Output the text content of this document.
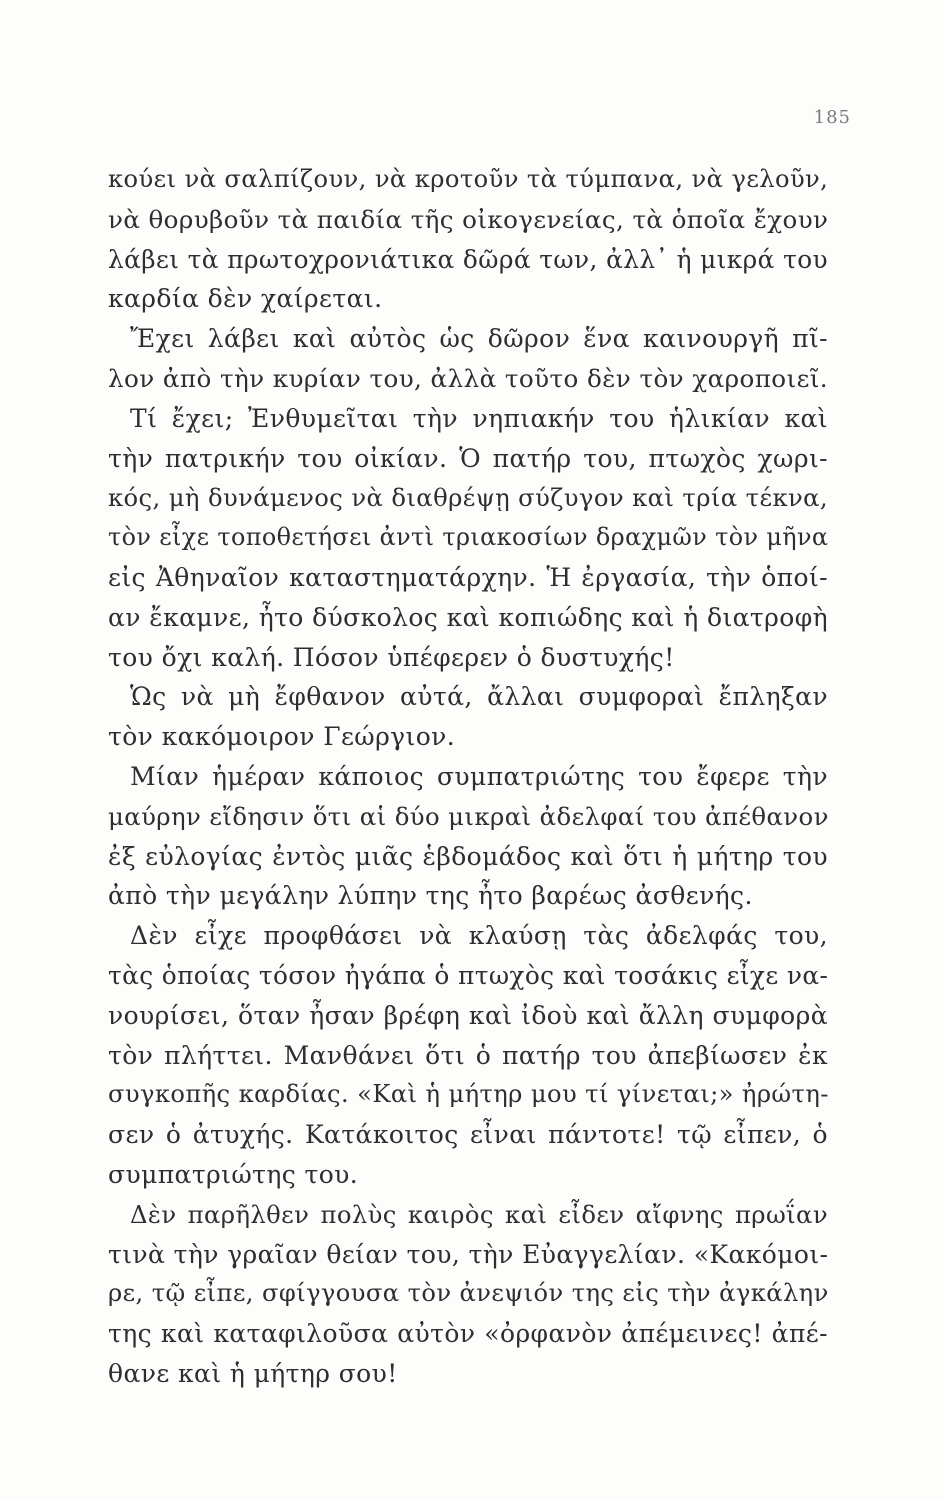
185
κούει νὰ σαλπίζουν, νὰ κροτοῦν τὰ τύμπανα, νὰ γελοῦν,
νὰ θορυβοῦν τὰ παιδία τῆς οἰκογενείας, τὰ ὁποῖα ἔχουν
λάβει τὰ πρωτοχρονιάτικα δῶρά των, ἀλλ᾽ ἡ μικρά του
καρδία δὲν χαίρεται.
Ἔχει λάβει καὶ αὐτὸς ὡς δῶρον ἕνα καινουργῆ πῖ-
λον ἀπὸ τὴν κυρίαν του, ἀλλὰ τοῦτο δὲν τὸν χαροποιεῖ.
Τί ἔχει; Ἐνθυμεῖται τὴν νηπιακήν του ἡλικίαν καὶ
τὴν πατρικήν του οἰκίαν. Ὁ πατήρ του, πτωχὸς χωρι-
κός, μὴ δυνάμενος νὰ διαθρέψῃ σύζυγον καὶ τρία τέκνα,
τὸν εἶχε τοποθετήσει ἀντὶ τριακοσίων δραχμῶν τὸν μῆνα
εἰς Ἀθηναῖον καταστηματάρχην. Ἡ ἐργασία, τὴν ὁποί-
αν ἔκαμνε, ἦτο δύσκολος καὶ κοπιώδης καὶ ἡ διατροφὴ
του ὄχι καλή. Πόσον ὑπέφερεν ὁ δυστυχής!
Ὡς νὰ μὴ ἔφθανον αὐτά, ἄλλαι συμφοραὶ ἔπληξαν
τὸν κακόμοιρον Γεώργιον.
Μίαν ἡμέραν κάποιος συμπατριώτης του ἔφερε τὴν
μαύρην εἴδησιν ὅτι αἱ δύο μικραὶ ἀδελφαί του ἀπέθανον
ἐξ εὐλογίας ἐντὸς μιᾶς ἑβδομάδος καὶ ὅτι ἡ μήτηρ του
ἀπὸ τὴν μεγάλην λύπην της ἦτο βαρέως ἀσθενής.
Δὲν εἶχε προφθάσει νὰ κλαύσῃ τὰς ἀδελφάς του,
τὰς ὁποίας τόσον ἠγάπα ὁ πτωχὸς καὶ τοσάκις εἶχε να-
νουρίσει, ὅταν ἦσαν βρέφη καὶ ἰδοὺ καὶ ἄλλη συμφορὰ
τὸν πλήττει. Μανθάνει ὅτι ὁ πατήρ του ἀπεβίωσεν ἐκ
συγκοπῆς καρδίας. «Καὶ ἡ μήτηρ μου τί γίνεται;» ἠρώτη-
σεν ὁ ἀτυχής. Κατάκοιτος εἶναι πάντοτε! τῷ εἶπεν, ὁ
συμπατριώτης του.
Δὲν παρῆλθεν πολὺς καιρὸς καὶ εἶδεν αἴφνης πρωΐαν
τινὰ τὴν γραῖαν θείαν του, τὴν Εὐαγγελίαν. «Κακόμοι-
ρε, τῷ εἶπε, σφίγγουσα τὸν ἀνεψιόν της εἰς τὴν ἀγκάλην
της καὶ καταφιλοῦσα αὐτὸν «ὀρφανὸν ἀπέμεινες! ἀπέ-
θανε καὶ ἡ μήτηρ σου!
